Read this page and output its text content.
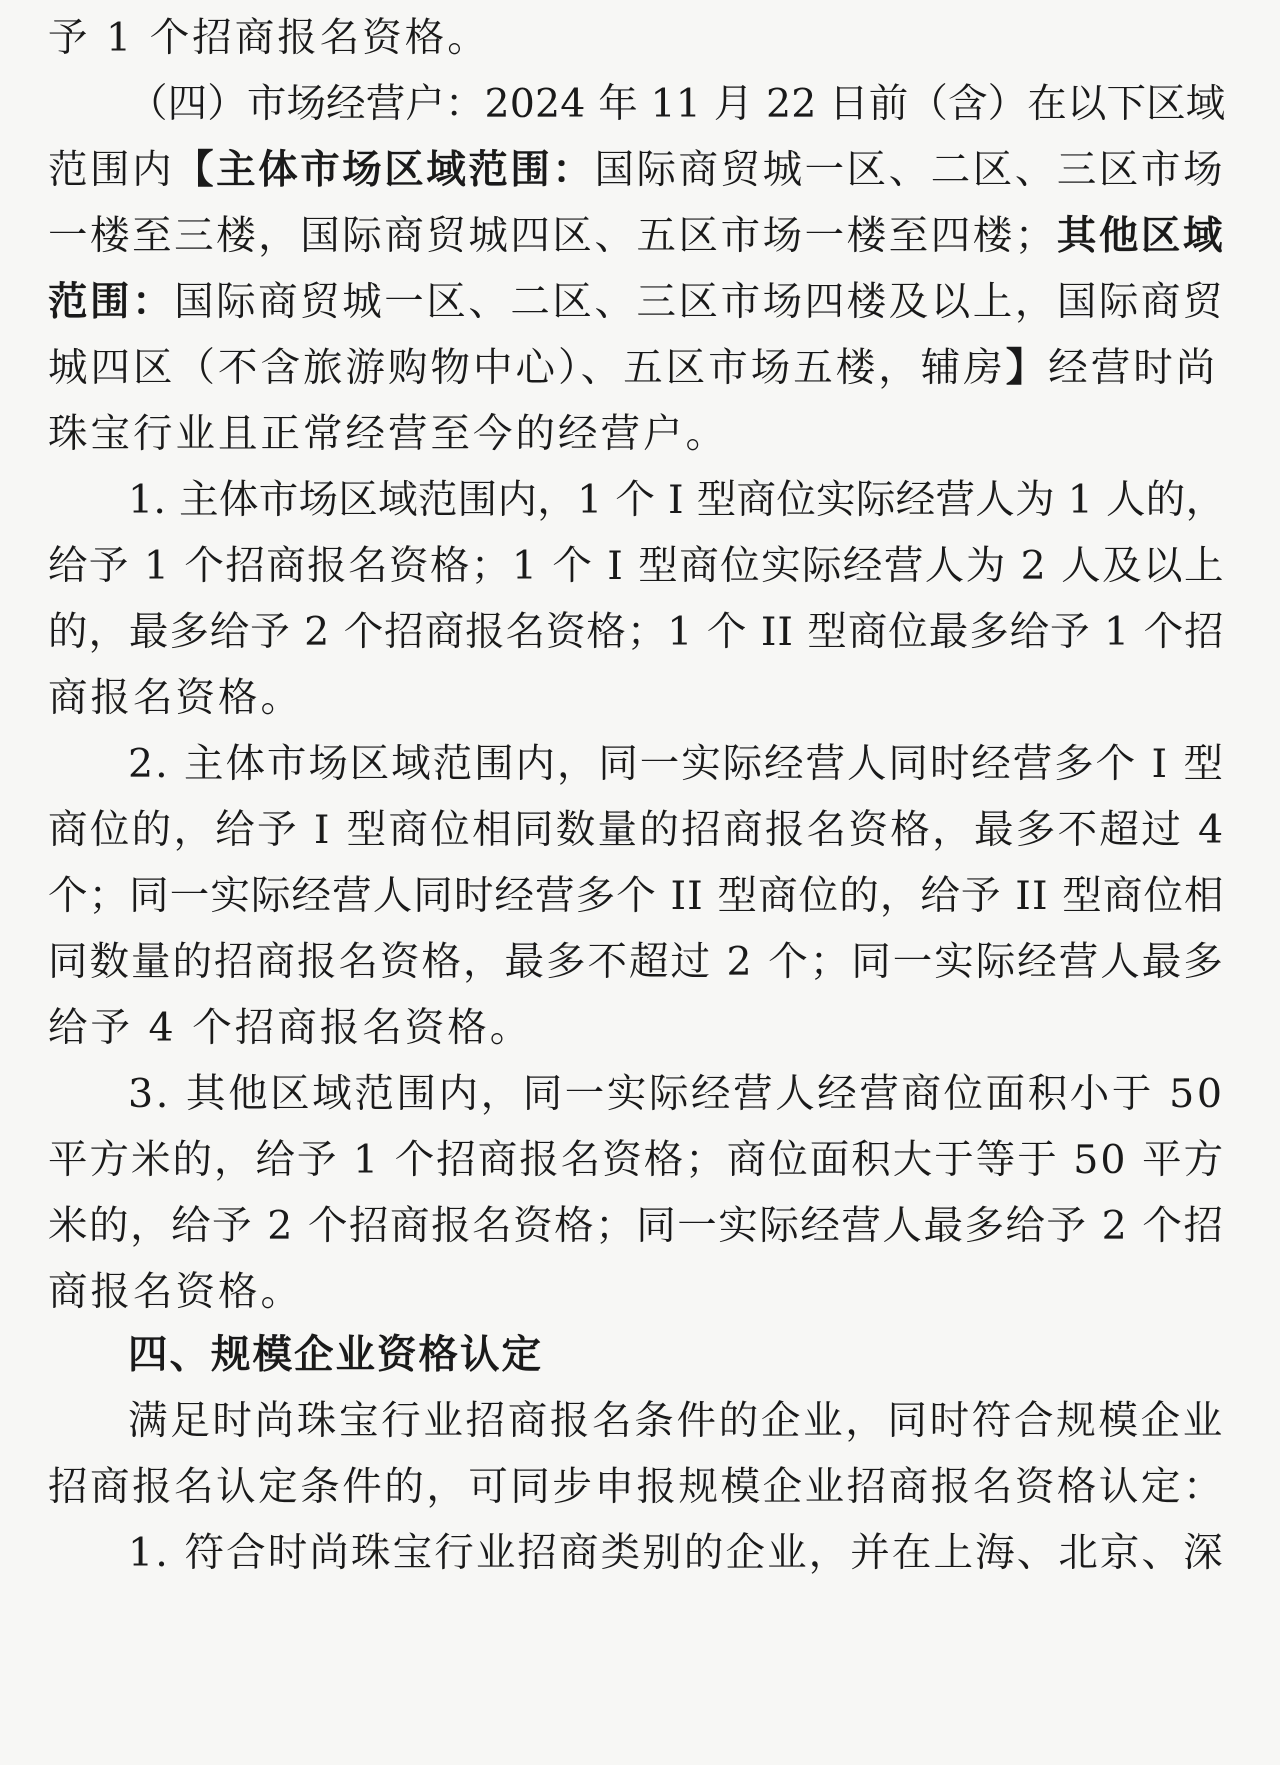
予 1 个招商报名资格。
（四）市场经营户：2024 年 11 月 22 日前（含）在以下区域
范围内【主体市场区域范围：国际商贸城一区、二区、三区市场
一楼至三楼，国际商贸城四区、五区市场一楼至四楼；其他区域
范围：国际商贸城一区、二区、三区市场四楼及以上，国际商贸
城四区（不含旅游购物中心）、五区市场五楼，辅房】经营时尚
珠宝行业且正常经营至今的经营户。
1. 主体市场区域范围内，1 个 I 型商位实际经营人为 1 人的，
给予 1 个招商报名资格；1 个 I 型商位实际经营人为 2 人及以上
的，最多给予 2 个招商报名资格；1 个 II 型商位最多给予 1 个招
商报名资格。
2. 主体市场区域范围内，同一实际经营人同时经营多个 I 型
商位的，给予 I 型商位相同数量的招商报名资格，最多不超过 4
个；同一实际经营人同时经营多个 II 型商位的，给予 II 型商位相
同数量的招商报名资格，最多不超过 2 个；同一实际经营人最多
给予 4 个招商报名资格。
3. 其他区域范围内，同一实际经营人经营商位面积小于 50
平方米的，给予 1 个招商报名资格；商位面积大于等于 50 平方
米的，给予 2 个招商报名资格；同一实际经营人最多给予 2 个招
商报名资格。
四、规模企业资格认定
满足时尚珠宝行业招商报名条件的企业，同时符合规模企业
招商报名认定条件的，可同步申报规模企业招商报名资格认定：
1. 符合时尚珠宝行业招商类别的企业，并在上海、北京、深
